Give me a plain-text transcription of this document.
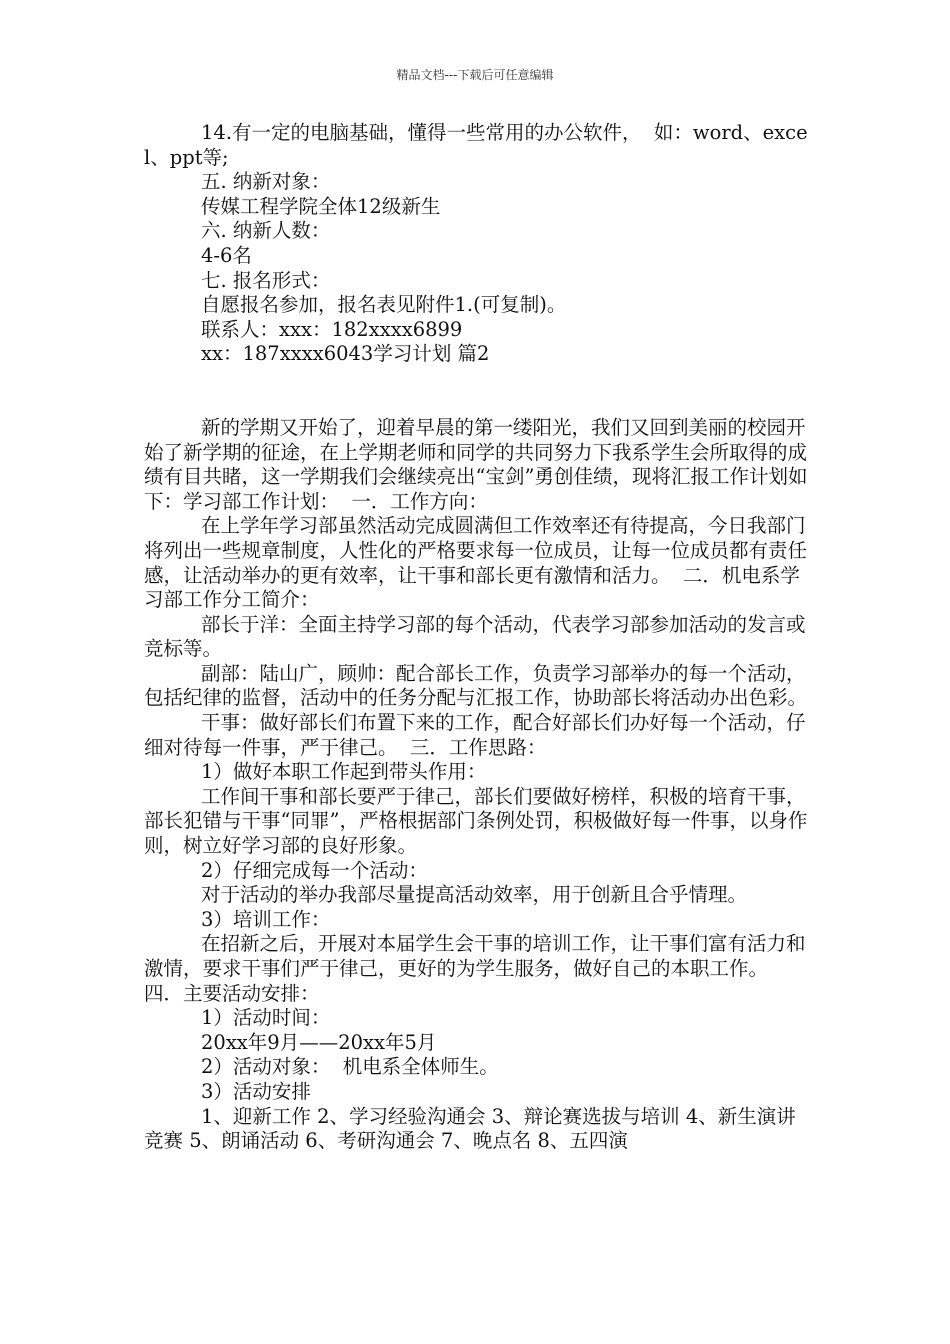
精品文档---下载后可任意编辑

14.有一定的电脑基础，懂得一些常用的办公软件，  如：word、excel、ppt等;

五. 纳新对象：

传媒工程学院全体12级新生

六. 纳新人数：

4-6名

七. 报名形式：

自愿报名参加，报名表见附件1.(可复制)。

联系人：xxx：182xxxx6899

xx：187xxxx6043学习计划 篇2

新的学期又开始了，迎着早晨的第一缕阳光，我们又回到美丽的校园开始了新学期的征途，在上学期老师和同学的共同努力下我系学生会所取得的成绩有目共睹，这一学期我们会继续亮出“宝剑”勇创佳绩，现将汇报工作计划如下：学习部工作计划：  一．工作方向：

在上学年学习部虽然活动完成圆满但工作效率还有待提高，今日我部门将列出一些规章制度，人性化的严格要求每一位成员，让每一位成员都有责任感，让活动举办的更有效率，让干事和部长更有激情和活力。  二．机电系学习部工作分工简介：

部长于洋：全面主持学习部的每个活动，代表学习部参加活动的发言或竞标等。

副部：陆山广，顾帅：配合部长工作，负责学习部举办的每一个活动，包括纪律的监督，活动中的任务分配与汇报工作，协助部长将活动办出色彩。

干事：做好部长们布置下来的工作，配合好部长们办好每一个活动，仔细对待每一件事，严于律己。  三．工作思路：

1）做好本职工作起到带头作用：

工作间干事和部长要严于律己，部长们要做好榜样，积极的培育干事，部长犯错与干事“同罪”，严格根据部门条例处罚，积极做好每一件事，以身作则，树立好学习部的良好形象。

2）仔细完成每一个活动：

对于活动的举办我部尽量提高活动效率，用于创新且合乎情理。

3）培训工作：

在招新之后，开展对本届学生会干事的培训工作，让干事们富有活力和激情，要求干事们严于律己，更好的为学生服务，做好自己的本职工作。  四．主要活动安排：

1）活动时间：

20xx年9月——20xx年5月

2）活动对象：  机电系全体师生。

3）活动安排

1、迎新工作 2、学习经验沟通会 3、辩论赛选拔与培训 4、新生演讲竞赛 5、朗诵活动 6、考研沟通会 7、晚点名 8、五四演
